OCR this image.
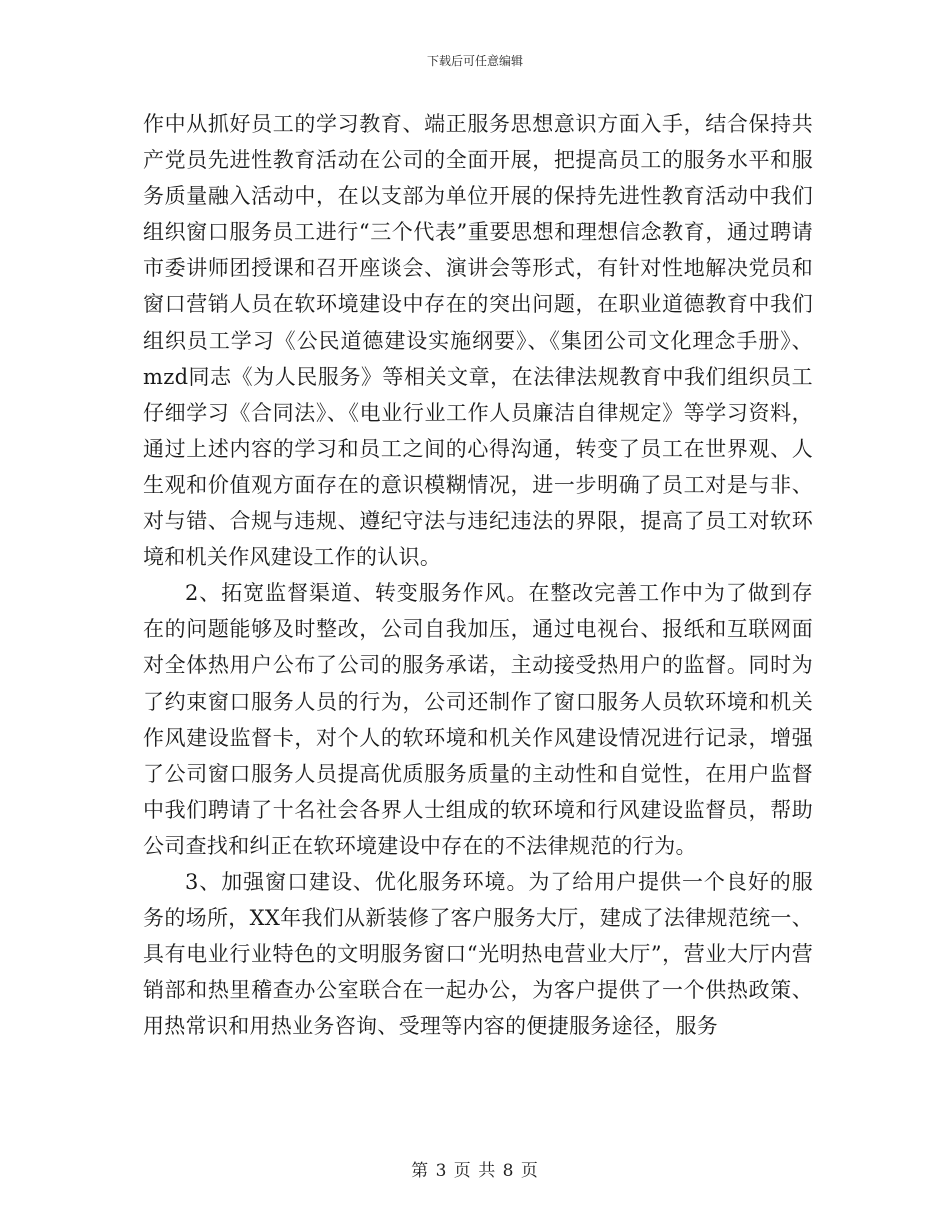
下载后可任意编辑

作中从抓好员工的学习教育、端正服务思想意识方面入手，结合保持共产党员先进性教育活动在公司的全面开展，把提高员工的服务水平和服务质量融入活动中，在以支部为单位开展的保持先进性教育活动中我们组织窗口服务员工进行“三个代表”重要思想和理想信念教育，通过聘请市委讲师团授课和召开座谈会、演讲会等形式，有针对性地解决党员和窗口营销人员在软环境建设中存在的突出问题，在职业道德教育中我们组织员工学习《公民道德建设实施纲要》、《集团公司文化理念手册》、mzd同志《为人民服务》等相关文章，在法律法规教育中我们组织员工仔细学习《合同法》、《电业行业工作人员廉洁自律规定》等学习资料，通过上述内容的学习和员工之间的心得沟通，转变了员工在世界观、人生观和价值观方面存在的意识模糊情况，进一步明确了员工对是与非、对与错、合规与违规、遵纪守法与违纪违法的界限，提高了员工对软环境和机关作风建设工作的认识。

2、拓宽监督渠道、转变服务作风。在整改完善工作中为了做到存在的问题能够及时整改，公司自我加压，通过电视台、报纸和互联网面对全体热用户公布了公司的服务承诺，主动接受热用户的监督。同时为了约束窗口服务人员的行为，公司还制作了窗口服务人员软环境和机关作风建设监督卡，对个人的软环境和机关作风建设情况进行记录，增强了公司窗口服务人员提高优质服务质量的主动性和自觉性，在用户监督中我们聘请了十名社会各界人士组成的软环境和行风建设监督员，帮助公司查找和纠正在软环境建设中存在的不法律规范的行为。

3、加强窗口建设、优化服务环境。为了给用户提供一个良好的服务的场所，XX年我们从新装修了客户服务大厅，建成了法律规范统一、具有电业行业特色的文明服务窗口“光明热电营业大厅”，营业大厅内营销部和热里稽查办公室联合在一起办公，为客户提供了一个供热政策、用热常识和用热业务咨询、受理等内容的便捷服务途径，服务

第 3 页 共 8 页
